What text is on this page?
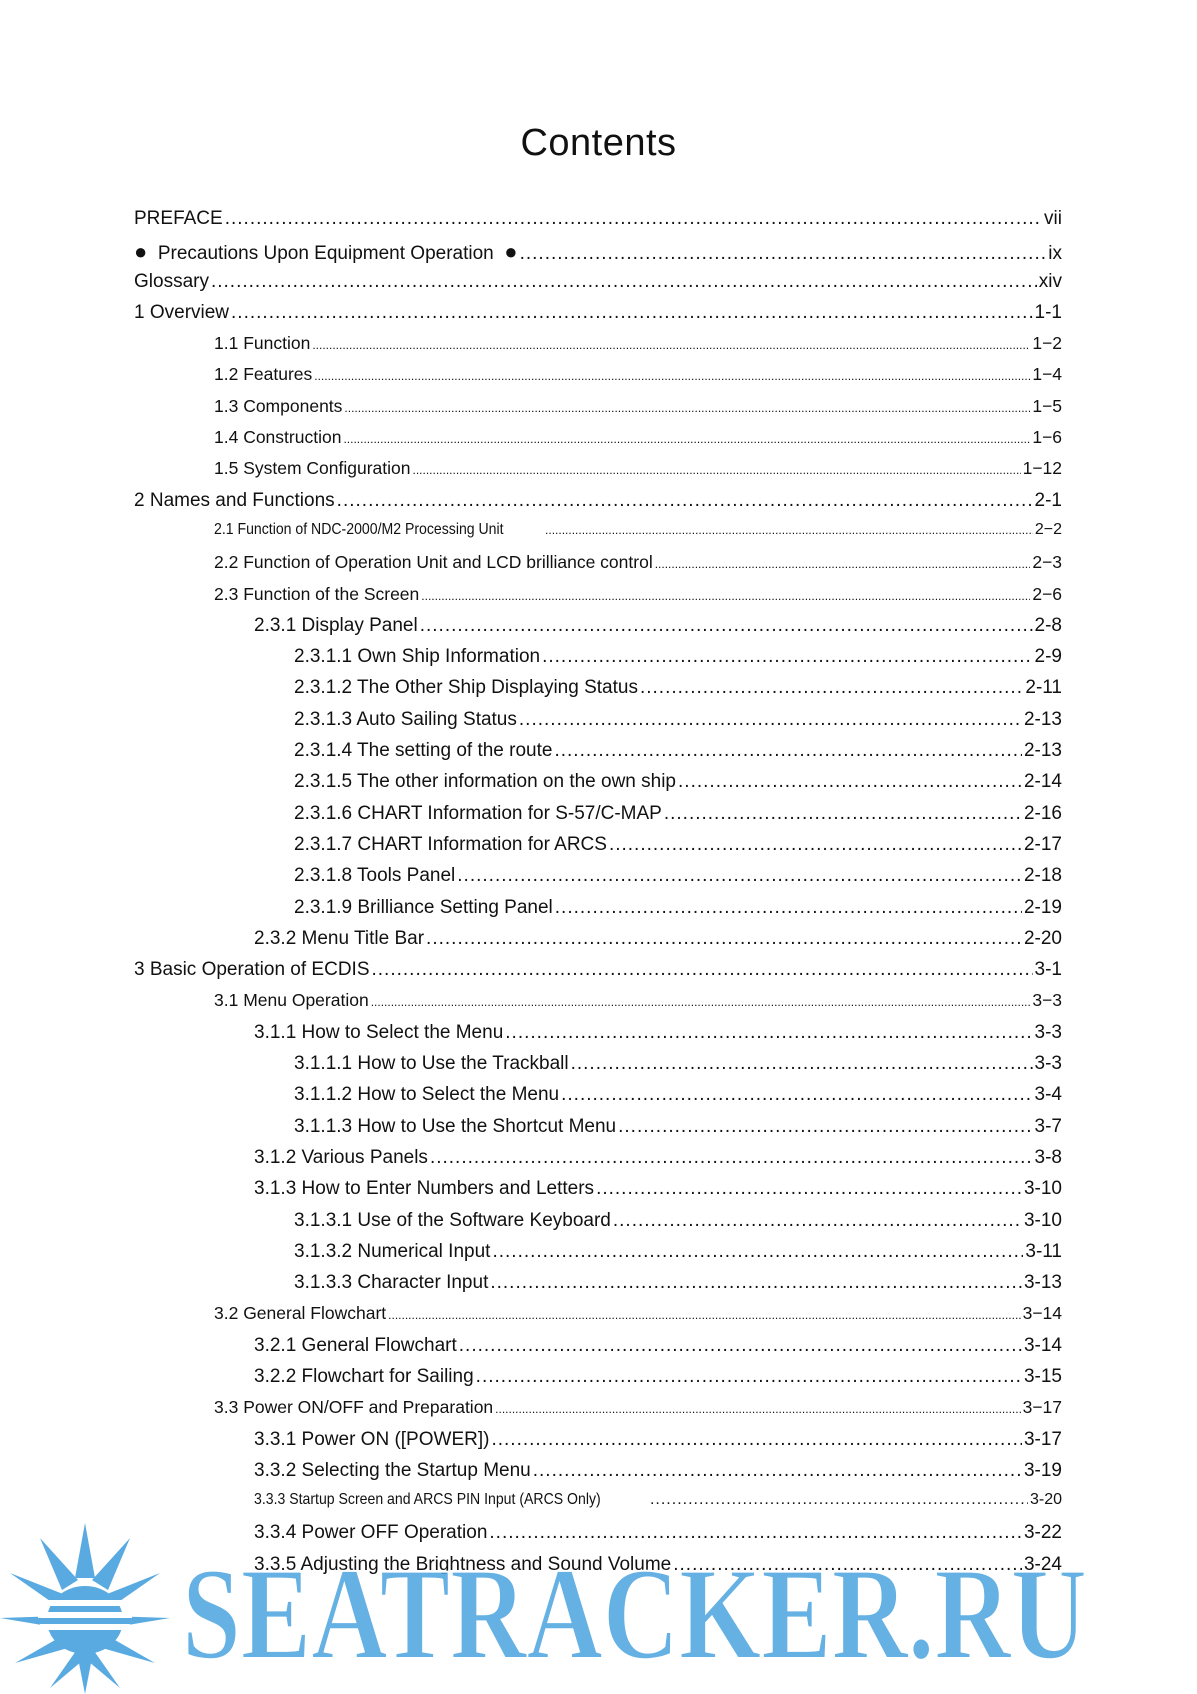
Contents
PREFACE .....	vii
● Precautions Upon Equipment Operation ● .....	ix
Glossary .....	xiv
1 Overview .....	1-1
1.1 Function .....	1−2
1.2 Features .....	1−4
1.3 Components .....	1−5
1.4 Construction .....	1−6
1.5 System Configuration .....	1−12
2 Names and Functions .....	2-1
2.1 Function of NDC-2000/M2 Processing Unit .....	2−2
2.2 Function of Operation Unit and LCD brilliance control .....	2−3
2.3 Function of the Screen .....	2−6
2.3.1 Display Panel .....	2-8
2.3.1.1 Own Ship Information .....	2-9
2.3.1.2 The Other Ship Displaying Status .....	2-11
2.3.1.3 Auto Sailing Status .....	2-13
2.3.1.4 The setting of the route .....	2-13
2.3.1.5 The other information on the own ship .....	2-14
2.3.1.6 CHART Information for S-57/C-MAP .....	2-16
2.3.1.7 CHART Information for ARCS .....	2-17
2.3.1.8 Tools Panel .....	2-18
2.3.1.9 Brilliance Setting Panel .....	2-19
2.3.2 Menu Title Bar .....	2-20
3 Basic Operation of ECDIS .....	3-1
3.1 Menu Operation .....	3−3
3.1.1 How to Select the Menu .....	3-3
3.1.1.1 How to Use the Trackball .....	3-3
3.1.1.2 How to Select the Menu .....	3-4
3.1.1.3 How to Use the Shortcut Menu .....	3-7
3.1.2 Various Panels .....	3-8
3.1.3 How to Enter Numbers and Letters .....	3-10
3.1.3.1 Use of the Software Keyboard .....	3-10
3.1.3.2 Numerical Input .....	3-11
3.1.3.3 Character Input .....	3-13
3.2 General Flowchart .....	3−14
3.2.1 General Flowchart .....	3-14
3.2.2 Flowchart for Sailing .....	3-15
3.3 Power ON/OFF and Preparation .....	3−17
3.3.1 Power ON ([POWER]) .....	3-17
3.3.2 Selecting the Startup Menu .....	3-19
3.3.3 Startup Screen and ARCS PIN Input (ARCS Only) .....	3-20
3.3.4 Power OFF Operation .....	3-22
3.3.5 Adjusting the Brightness and Sound Volume .....	3-24
SEATRACKER.RU
